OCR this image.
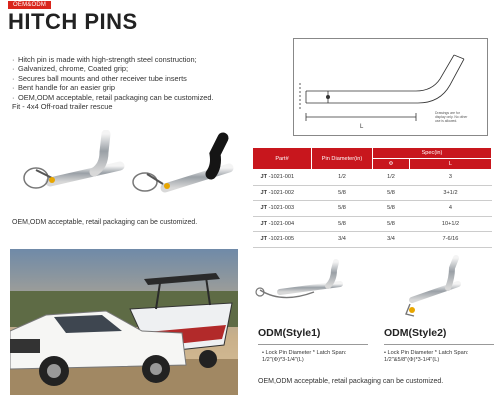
OEM&ODM
HITCH PINS
· Hitch pin is made with high-strength steel construction;
· Galvanized, chrome, Coated grip;
· Secures ball mounts and other receiver tube inserts
· Bent handle for an easier grip
· OEM,ODM acceptable, retail packaging can be customized.
Fit - 4x4 Off-road trailer rescue
L
Drawings are for display only. No other use is allowed.
OEM,ODM acceptable, retail packaging can be customized.
Part#	Pin Diameter(in)	Spec(in)	
		Φ	L
JT -1021-001	1/2	1/2	3
JT -1021-002	5/8	5/8	3+1/2
JT -1021-003	5/8	5/8	4
JT -1021-004	5/8	5/8	10+1/2
JT -1021-005	3/4	3/4	7-6/16
ODM(Style1)
• Lock Pin Diameter * Latch Span:
1/2"(Φ)*3-1/4"(L)
ODM(Style2)
• Lock Pin Diameter * Latch Span:
1/2"&5/8"(Φ)*3-1/4"(L)
OEM,ODM acceptable, retail packaging can be customized.
